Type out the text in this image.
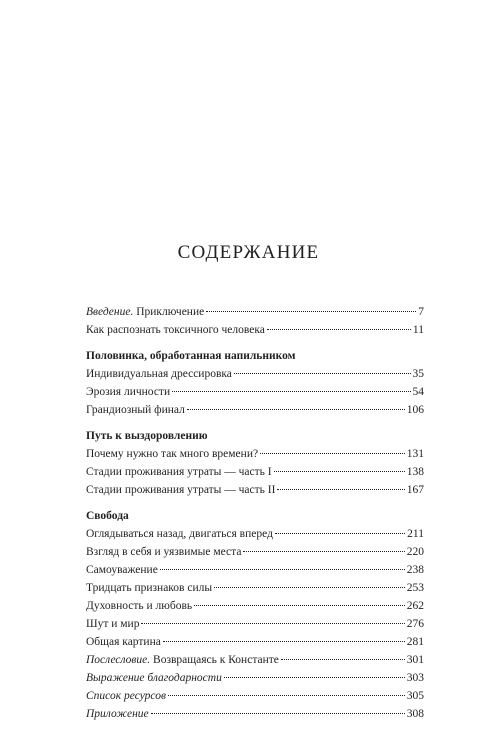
СОДЕРЖАНИЕ
Введение. Приключение	7
Как распознать токсичного человека	11
Половинка, обработанная напильником
Индивидуальная дрессировка	35
Эрозия личности	54
Грандиозный финал	106
Путь к выздоровлению
Почему нужно так много времени?	131
Стадии проживания утраты — часть I	138
Стадии проживания утраты — часть II	167
Свобода
Оглядываться назад, двигаться вперед	211
Взгляд в себя и уязвимые места	220
Самоуважение	238
Тридцать признаков силы	253
Духовность и любовь	262
Шут и мир	276
Общая картина	281
Послесловие. Возвращаясь к Константе	301
Выражение благодарности	303
Список ресурсов	305
Приложение	308
